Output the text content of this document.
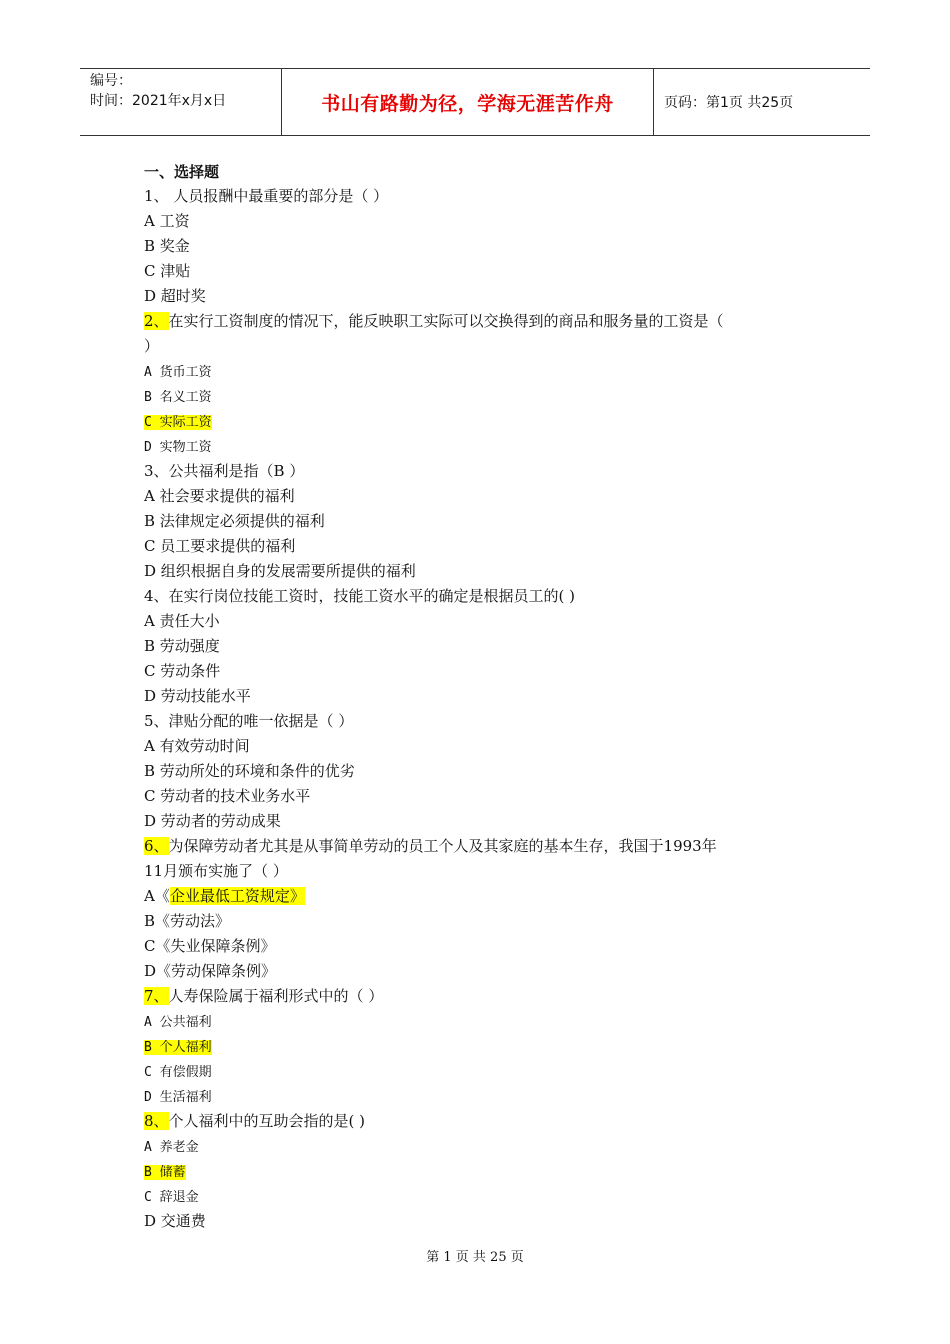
编号：
时间：2021年x月x日	书山有路勤为径，学海无涯苦作舟	页码：第1页 共25页
一、选择题
1、 人员报酬中最重要的部分是（ ）
A 工资
B 奖金
C 津贴
D 超时奖
2、在实行工资制度的情况下，能反映职工实际可以交换得到的商品和服务量的工资是（
）
A 货币工资
B 名义工资
C 实际工资
D 实物工资
3、公共福利是指（B ）
A 社会要求提供的福利
B 法律规定必须提供的福利
C 员工要求提供的福利
D 组织根据自身的发展需要所提供的福利
4、在实行岗位技能工资时，技能工资水平的确定是根据员工的( )
A 责任大小
B 劳动强度
C 劳动条件
D 劳动技能水平
5、津贴分配的唯一依据是（ ）
A 有效劳动时间
B 劳动所处的环境和条件的优劣
C 劳动者的技术业务水平
D 劳动者的劳动成果
6、为保障劳动者尤其是从事简单劳动的员工个人及其家庭的基本生存，我国于1993年
11月颁布实施了（ ）
A《企业最低工资规定》
B《劳动法》
C《失业保障条例》
D《劳动保障条例》
7、人寿保险属于福利形式中的（ ）
A 公共福利
B 个人福利
C 有偿假期
D 生活福利
8、个人福利中的互助会指的是( )
A 养老金
B 储蓄
C 辞退金
D 交通费
第 1 页 共 25 页
